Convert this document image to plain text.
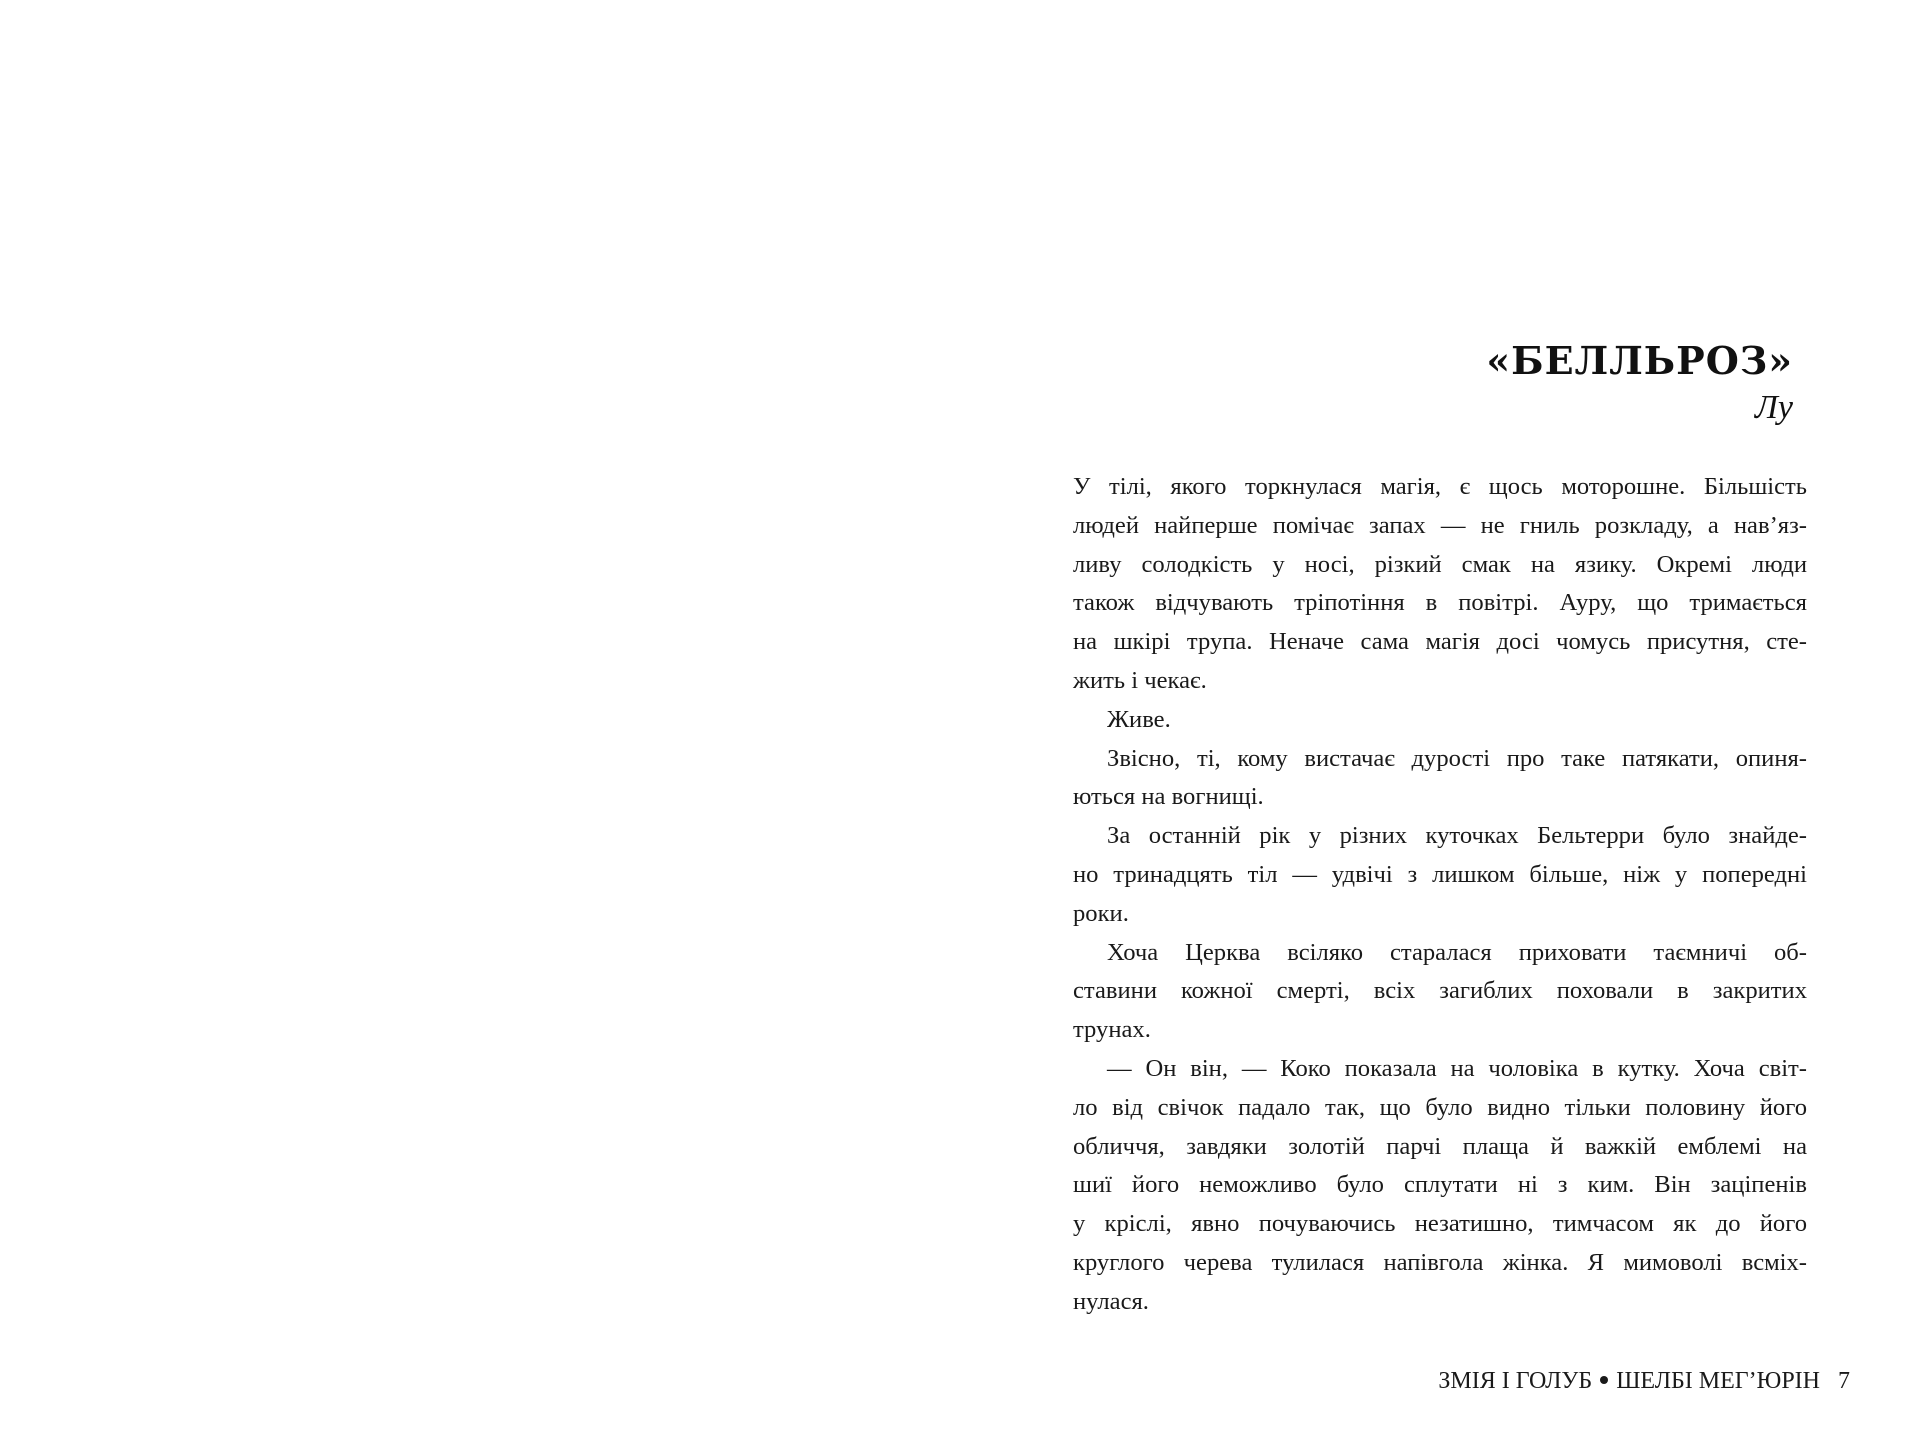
«БЕЛЛЬРОЗ»
Лу
У тілі, якого торкнулася магія, є щось моторошне. Більшість
людей найперше помічає запах — не гниль розкладу, а нав’яз-
ливу солодкість у носі, різкий смак на язику. Окремі люди
також відчувають тріпотіння в повітрі. Ауру, що тримається
на шкірі трупа. Неначе сама магія досі чомусь присутня, сте-
жить і чекає.
Живе.
Звісно, ті, кому вистачає дурості про таке патякати, опиня-
ються на вогнищі.
За останній рік у різних куточках Бельтерри було знайде-
но тринадцять тіл — удвічі з лишком більше, ніж у попередні
роки.
Хоча Церква всіляко старалася приховати таємничі об-
ставини кожної смерті, всіх загиблих поховали в закритих
трунах.
— Он він, — Коко показала на чоловіка в кутку. Хоча світ-
ло від свічок падало так, що було видно тільки половину його
обличчя, завдяки золотій парчі плаща й важкій емблемі на
шиї його неможливо було сплутати ні з ким. Він заціпенів
у кріслі, явно почуваючись незатишно, тимчасом як до його
круглого черева тулилася напівгола жінка. Я мимоволі всміх-
нулася.
ЗМІЯ І ГОЛУБ ШЕЛБІ МЕГ’ЮРІН 7
